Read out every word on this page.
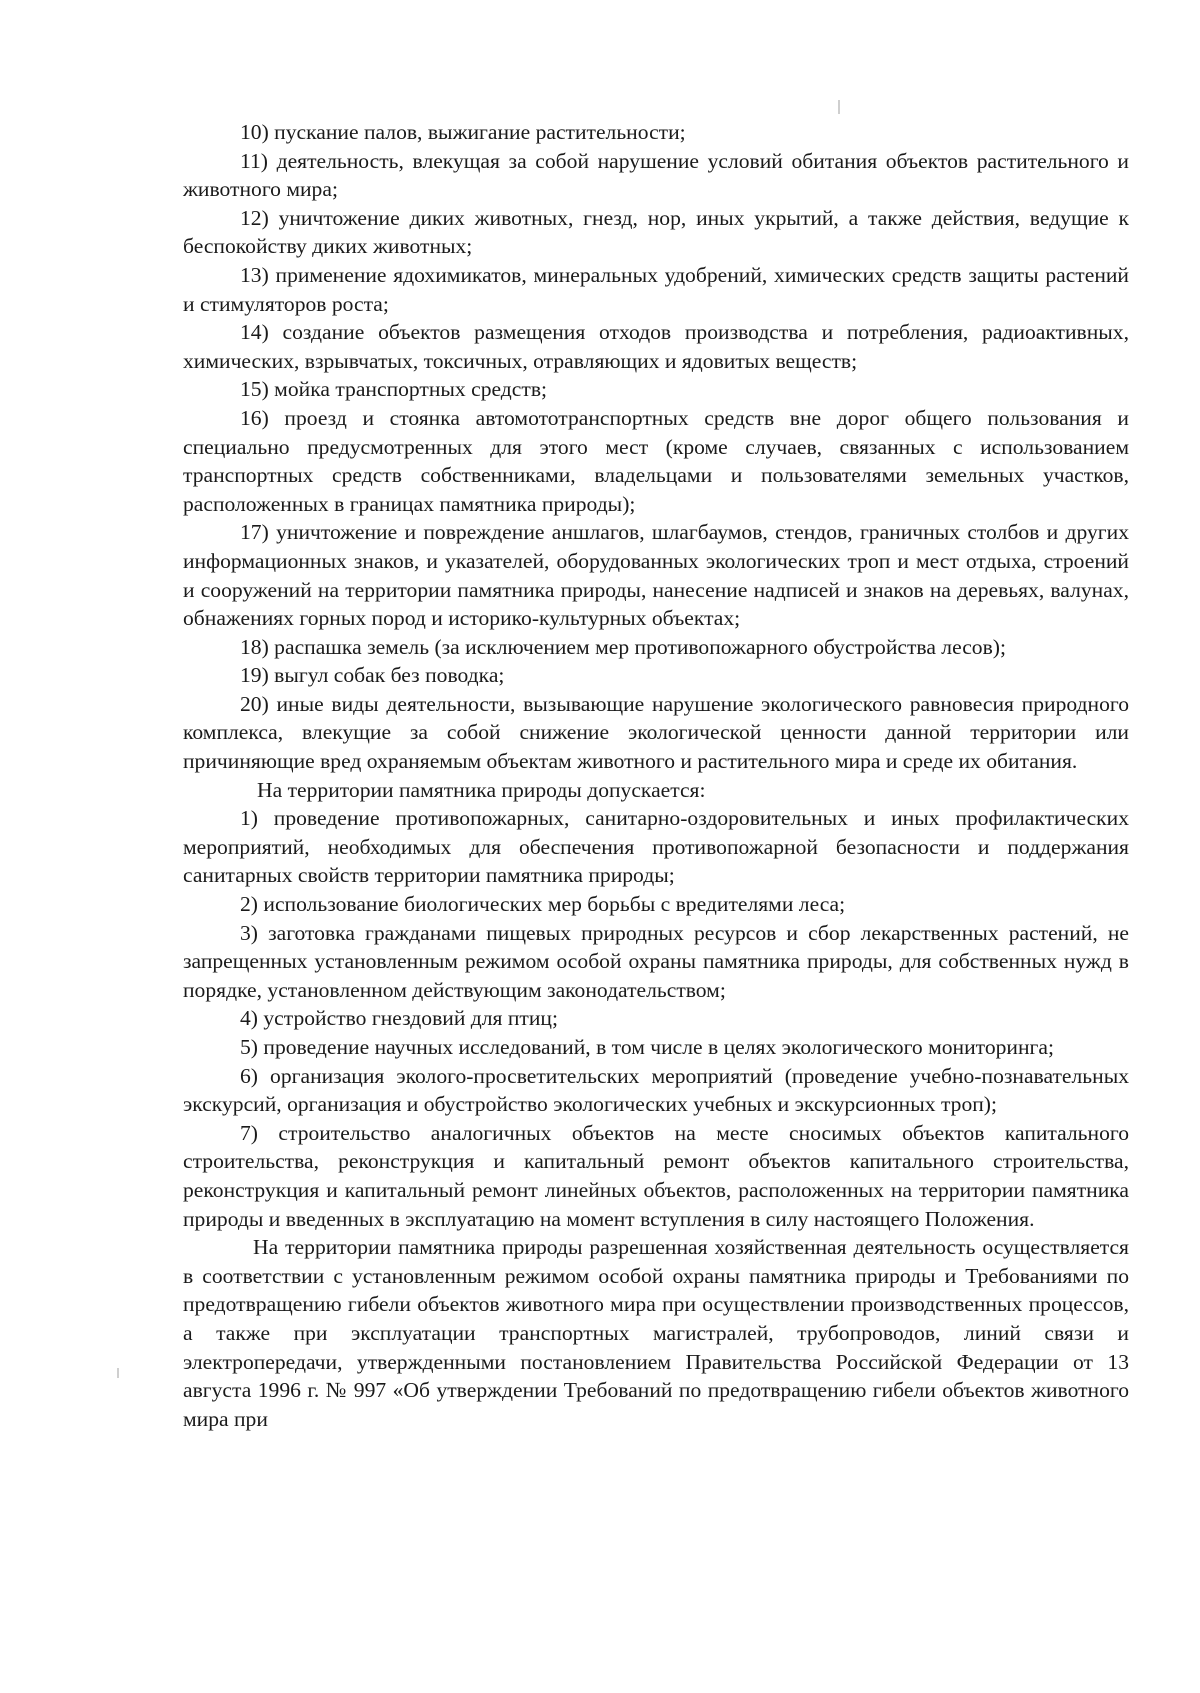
10) пускание палов, выжигание растительности;

11) деятельность, влекущая за собой нарушение условий обитания объектов растительного и животного мира;

12) уничтожение диких животных, гнезд, нор, иных укрытий, а также действия, ведущие к беспокойству диких животных;

13) применение ядохимикатов, минеральных удобрений, химических средств защиты растений и стимуляторов роста;

14) создание объектов размещения отходов производства и потребления, радиоактивных, химических, взрывчатых, токсичных, отравляющих и ядовитых веществ;

15) мойка транспортных средств;

16) проезд и стоянка автомототранспортных средств вне дорог общего пользования и специально предусмотренных для этого мест (кроме случаев, связанных с использованием транспортных средств собственниками, владельцами и пользователями земельных участков, расположенных в границах памятника природы);

17) уничтожение и повреждение аншлагов, шлагбаумов, стендов, граничных столбов и других информационных знаков, и указателей, оборудованных экологических троп и мест отдыха, строений и сооружений на территории памятника природы, нанесение надписей и знаков на деревьях, валунах, обнажениях горных пород и историко-культурных объектах;

18) распашка земель (за исключением мер противопожарного обустройства лесов);

19) выгул собак без поводка;

20) иные виды деятельности, вызывающие нарушение экологического равновесия природного комплекса, влекущие за собой снижение экологической ценности данной территории или причиняющие вред охраняемым объектам животного и растительного мира и среде их обитания.

На территории памятника природы допускается:

1) проведение противопожарных, санитарно-оздоровительных и иных профилактических мероприятий, необходимых для обеспечения противопожарной безопасности и поддержания санитарных свойств территории памятника природы;

2) использование биологических мер борьбы с вредителями леса;

3) заготовка гражданами пищевых природных ресурсов и сбор лекарственных растений, не запрещенных установленным режимом особой охраны памятника природы, для собственных нужд в порядке, установленном действующим законодательством;

4) устройство гнездовий для птиц;

5) проведение научных исследований, в том числе в целях экологического мониторинга;

6) организация эколого-просветительских мероприятий (проведение учебно-познавательных экскурсий, организация и обустройство экологических учебных и экскурсионных троп);

7) строительство аналогичных объектов на месте сносимых объектов капитального строительства, реконструкция и капитальный ремонт объектов капитального строительства, реконструкция и капитальный ремонт линейных объектов, расположенных на территории памятника природы и введенных в эксплуатацию на момент вступления в силу настоящего Положения.

На территории памятника природы разрешенная хозяйственная деятельность осуществляется в соответствии с установленным режимом особой охраны памятника природы и Требованиями по предотвращению гибели объектов животного мира при осуществлении производственных процессов, а также при эксплуатации транспортных магистралей, трубопроводов, линий связи и электропередачи, утвержденными постановлением Правительства Российской Федерации от 13 августа 1996 г. № 997 «Об утверждении Требований по предотвращению гибели объектов животного мира при
